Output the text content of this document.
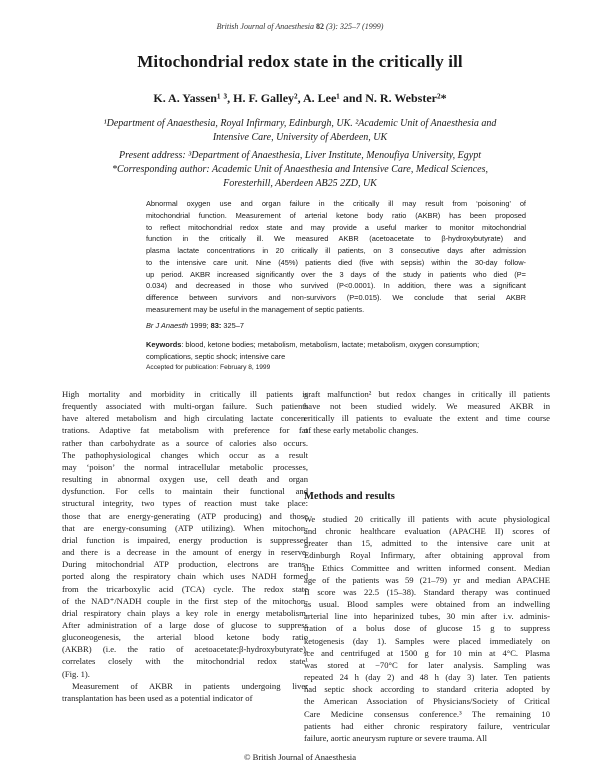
British Journal of Anaesthesia 82 (3): 325–7 (1999)
Mitochondrial redox state in the critically ill
K. A. Yassen¹ ³, H. F. Galley², A. Lee¹ and N. R. Webster²*
¹Department of Anaesthesia, Royal Infirmary, Edinburgh, UK. ²Academic Unit of Anaesthesia and
Intensive Care, University of Aberdeen, UK
Present address: ³Department of Anaesthesia, Liver Institute, Menoufiya University, Egypt
*Corresponding author: Academic Unit of Anaesthesia and Intensive Care, Medical Sciences,
Foresterhill, Aberdeen AB25 2ZD, UK
Abnormal oxygen use and organ failure in the critically ill may result from ‘poisoning’ of
mitochondrial function. Measurement of arterial ketone body ratio (AKBR) has been proposed
to reflect mitochondrial redox state and may provide a useful marker to monitor mitochondrial
function in the critically ill. We measured AKBR (acetoacetate to β-hydroxybutyrate) and
plasma lactate concentrations in 20 critically ill patients, on 3 consecutive days after admission
to the intensive care unit. Nine (45%) patients died (five with sepsis) within the 30-day follow-
up period. AKBR increased significantly over the 3 days of the study in patients who died (P=
0.034) and decreased in those who survived (P<0.0001). In addition, there was a significant
difference between survivors and non-survivors (P=0.015). We conclude that serial AKBR
measurement may be useful in the management of septic patients.
Br J Anaesth 1999; 83: 325–7
Keywords: blood, ketone bodies; metabolism, metabolism, lactate; metabolism, oxygen consumption;
complications, septic shock; intensive care
Accepted for publication: February 8, 1999
High mortality and morbidity in critically ill patients is
frequently associated with multi-organ failure. Such patients
have altered metabolism and high circulating lactate concen-
trations. Adaptive fat metabolism with preference for fat
rather than carbohydrate as a source of calories also occurs.
The pathophysiological changes which occur as a result
may ‘poison’ the normal intracellular metabolic processes,
resulting in abnormal oxygen use, cell death and organ
dysfunction. For cells to maintain their functional and
structural integrity, two types of reaction must take place:
those that are energy-generating (ATP producing) and those
that are energy-consuming (ATP utilizing). When mitochon-
drial function is impaired, energy production is suppressed
and there is a decrease in the amount of energy in reserve.
During mitochondrial ATP production, electrons are trans-
ported along the respiratory chain which uses NADH formed
from the tricarboxylic acid (TCA) cycle. The redox state
of the NAD⁺/NADH couple in the first step of the mitochon-
drial respiratory chain plays a key role in energy metabolism.
After administration of a large dose of glucose to suppress
gluconeogenesis, the arterial blood ketone body ratio
(AKBR) (i.e. the ratio of acetoacetate:β-hydroxybutyrate),
correlates closely with the mitochondrial redox state¹
(Fig. 1).
Measurement of AKBR in patients undergoing liver
transplantation has been used as a potential indicator of
graft malfunction² but redox changes in critically ill patients
have not been studied widely. We measured AKBR in
critically ill patients to evaluate the extent and time course
of these early metabolic changes.
Methods and results
We studied 20 critically ill patients with acute physiological
and chronic healthcare evaluation (APACHE II) scores of
greater than 15, admitted to the intensive care unit at
Edinburgh Royal Infirmary, after obtaining approval from
the Ethics Committee and written informed consent. Median
age of the patients was 59 (21–79) yr and median APACHE
II score was 22.5 (15–38). Standard therapy was continued
as usual. Blood samples were obtained from an indwelling
arterial line into heparinized tubes, 30 min after i.v. adminis-
tration of a bolus dose of glucose 15 g to suppress
ketogenesis (day 1). Samples were placed immediately on
ice and centrifuged at 1500 g for 10 min at 4°C. Plasma
was stored at −70°C for later analysis. Sampling was
repeated 24 h (day 2) and 48 h (day 3) later. Ten patients
had septic shock according to standard criteria adopted by
the American Association of Physicians/Society of Critical
Care Medicine consensus conference.³ The remaining 10
patients had either chronic respiratory failure, ventricular
failure, aortic aneurysm rupture or severe trauma. All
© British Journal of Anaesthesia
